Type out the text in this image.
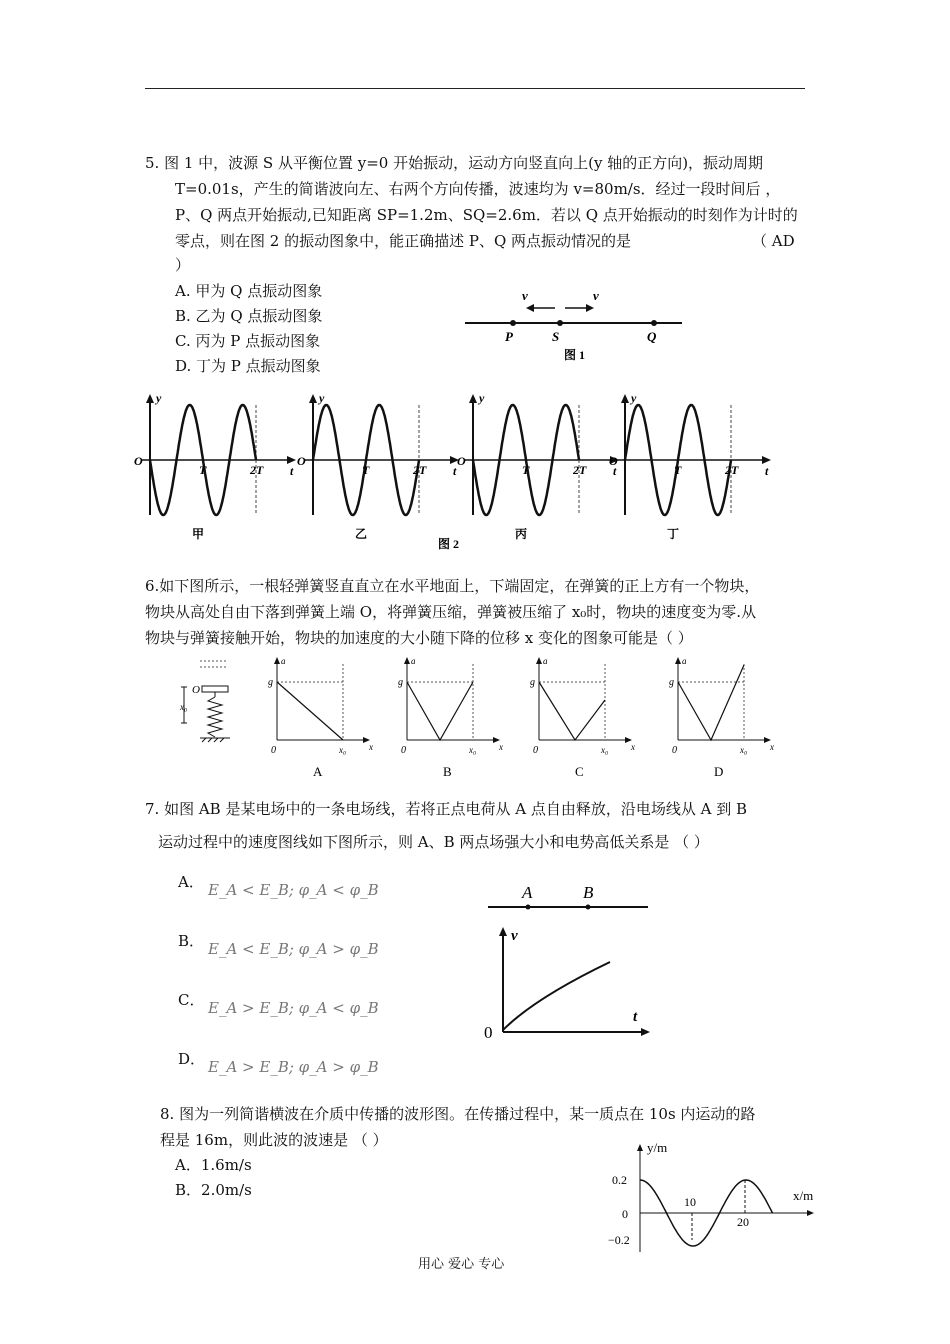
5. 图 1 中，波源 S 从平衡位置 y=0 开始振动，运动方向竖直向上(y 轴的正方向)，振动周期
T=0.01s，产生的简谐波向左、右两个方向传播，波速均为 v=80m/s．经过一段时间后 ，
P、Q 两点开始振动,已知距离 SP=1.2m、SQ=2.6m．若以 Q 点开始振动的时刻作为计时的
零点，则在图 2 的振动图象中，能正确描述 P、Q 两点振动情况的是	（ AD
）
A. 甲为 Q 点振动图象
B. 乙为 Q 点振动图象
C. 丙为 P 点振动图象
D. 丁为 P 点振动图象
v	v
P	S	Q
图 1
y
O
T	2T t
甲
y
O
T	2T t
乙
y
O
T	2T t
丙
y
O
T	2T t
丁
图 2
6.如下图所示，一根轻弹簧竖直直立在水平地面上，下端固定，在弹簧的正上方有一个物块，
物块从高处自由下落到弹簧上端 O，将弹簧压缩，弹簧被压缩了 x₀时，物块的速度变为零.从
物块与弹簧接触开始，物块的加速度的大小随下降的位移 x 变化的图象可能是（ ）
O
x₀
a
g
0	x₀	x
A
a
g
0	x₀	x
B
a
g
0	x₀	x
C
a
g
0	x₀	x
D
7. 如图 AB 是某电场中的一条电场线，若将正点电荷从 A 点自由释放，沿电场线从 A 到 B
运动过程中的速度图线如下图所示，则 A、B 两点场强大小和电势高低关系是 （ ）
A． E_A < E_B; φ_A < φ_B
B． E_A < E_B; φ_A > φ_B
C． E_A > E_B; φ_A < φ_B
D． E_A > E_B; φ_A > φ_B
A	B
v
t
0
8. 图为一列简谐横波在介质中传播的波形图。在传播过程中，某一质点在 10s 内运动的路
程是 16m，则此波的波速是 （ ）
A．1.6m/s
B．2.0m/s
y/m
x/m
0.2
0
−0.2
10
20
用心 爱心 专心
